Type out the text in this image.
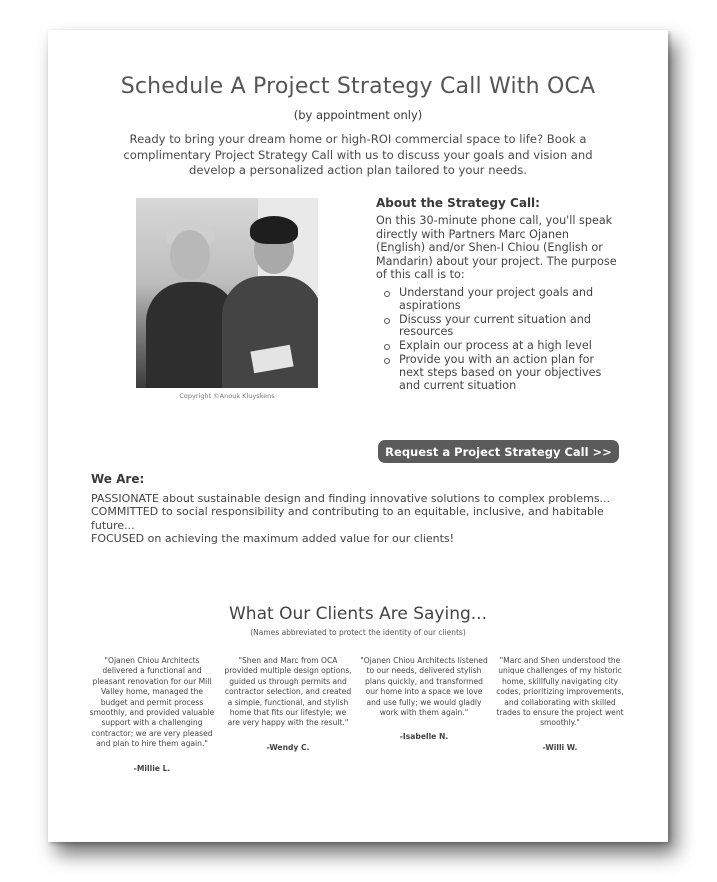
Schedule A Project Strategy Call With OCA
(by appointment only)
Ready to bring your dream home or high-ROI commercial space to life? Book a complimentary Project Strategy Call with us to discuss your goals and vision and develop a personalized action plan tailored to your needs.
Copyright ©Anouk Kluyskens
About the Strategy Call:
On this 30-minute phone call, you'll speak directly with Partners Marc Ojanen (English) and/or Shen-I Chiou (English or Mandarin) about your project. The purpose of this call is to:
Understand your project goals and aspirations
Discuss your current situation and resources
Explain our process at a high level
Provide you with an action plan for next steps based on your objectives and current situation
Request a Project Strategy Call >>
We Are:

PASSIONATE about sustainable design and finding innovative solutions to complex problems...

COMMITTED to social responsibility and contributing to an equitable, inclusive, and habitable future...

FOCUSED on achieving the maximum added value for our clients!

What Our Clients Are Saying...
(Names abbreviated to protect the identity of our clients)

"Ojanen Chiou Architects delivered a functional and pleasant renovation for our Mill Valley home, managed the budget and permit process smoothly, and provided valuable support with a challenging contractor; we are very pleased and plan to hire them again."

-Millie L.

"Shen and Marc from OCA provided multiple design options, guided us through permits and contractor selection, and created a simple, functional, and stylish home that fits our lifestyle; we are very happy with the result."

-Wendy C.

"Ojanen Chiou Architects listened to our needs, delivered stylish plans quickly, and transformed our home into a space we love and use fully; we would gladly work with them again."

-Isabelle N.

"Marc and Shen understood the unique challenges of my historic home, skillfully navigating city codes, prioritizing improvements, and collaborating with skilled trades to ensure the project went smoothly."

-Willi W.
